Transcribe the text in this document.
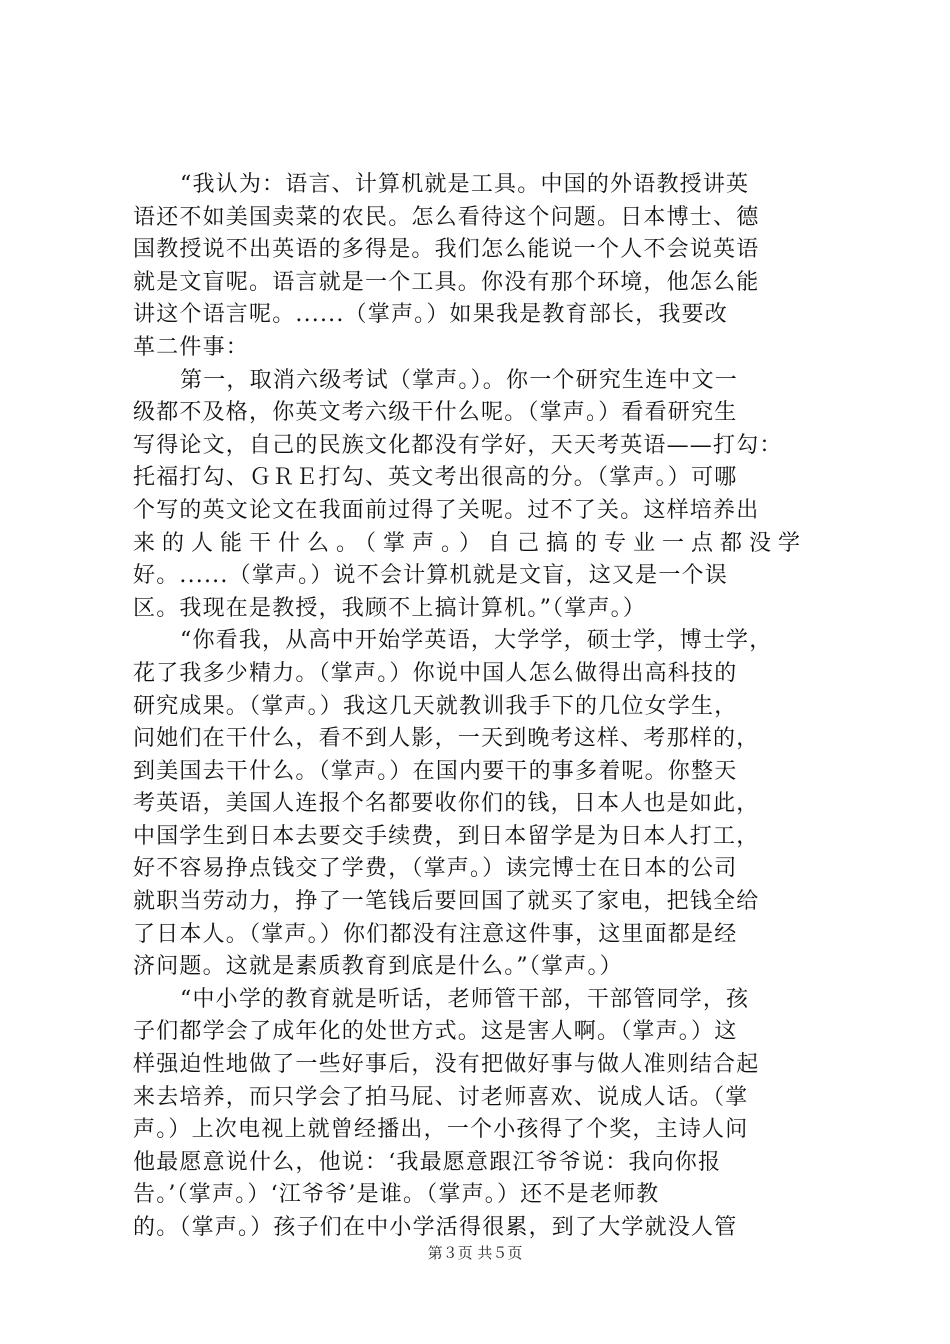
“我认为：语言、计算机就是工具。中国的外语教授讲英
语还不如美国卖菜的农民。怎么看待这个问题。日本博士、德
国教授说不出英语的多得是。我们怎么能说一个人不会说英语
就是文盲呢。语言就是一个工具。你没有那个环境，他怎么能
讲这个语言呢。......（掌声。）如果我是教育部长，我要改
革二件事：
第一，取消六级考试（掌声。）。你一个研究生连中文一
级都不及格，你英文考六级干什么呢。（掌声。）看看研究生
写得论文，自己的民族文化都没有学好，天天考英语——打勾：
托福打勾、ＧＲＥ打勾、英文考出很高的分。（掌声。）可哪
个写的英文论文在我面前过得了关呢。过不了关。这样培养出
来的人能干什么。（掌声。）自己搞的专业一点都没学
好。......（掌声。）说不会计算机就是文盲，这又是一个误
区。我现在是教授，我顾不上搞计算机。”（掌声。）
“你看我，从高中开始学英语，大学学，硕士学，博士学，
花了我多少精力。（掌声。）你说中国人怎么做得出高科技的
研究成果。（掌声。）我这几天就教训我手下的几位女学生，
问她们在干什么，看不到人影，一天到晚考这样、考那样的，
到美国去干什么。（掌声。）在国内要干的事多着呢。你整天
考英语，美国人连报个名都要收你们的钱，日本人也是如此，
中国学生到日本去要交手续费，到日本留学是为日本人打工，
好不容易挣点钱交了学费，（掌声。）读完博士在日本的公司
就职当劳动力，挣了一笔钱后要回国了就买了家电，把钱全给
了日本人。（掌声。）你们都没有注意这件事，这里面都是经
济问题。这就是素质教育到底是什么。”（掌声。）
“中小学的教育就是听话，老师管干部，干部管同学，孩
子们都学会了成年化的处世方式。这是害人啊。（掌声。）这
样强迫性地做了一些好事后，没有把做好事与做人准则结合起
来去培养，而只学会了拍马屁、讨老师喜欢、说成人话。（掌
声。）上次电视上就曾经播出，一个小孩得了个奖，主诗人问
他最愿意说什么，他说：‘我最愿意跟江爷爷说：我向你报
告。’（掌声。）‘江爷爷’是谁。（掌声。）还不是老师教
的。（掌声。）孩子们在中小学活得很累，到了大学就没人管
第３页 共５页
